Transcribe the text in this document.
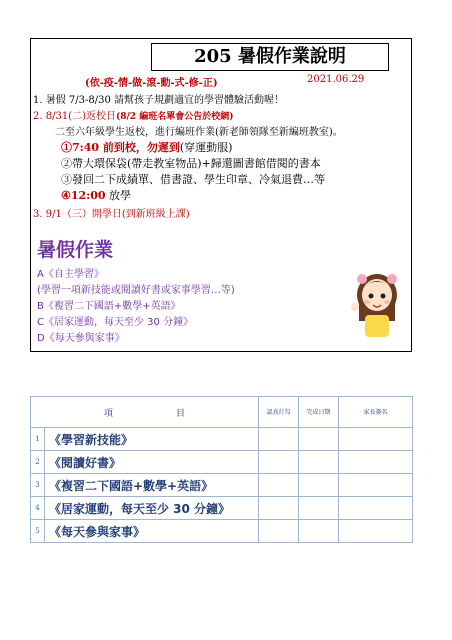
205 暑假作業說明
(依-疫-情-做-滾-動-式-修-正)	2021.06.29
1. 暑假 7/3-8/30 請幫孩子規劃適宜的學習體驗活動喔！
2. 8/31(二)返校日(8/2 編班名單會公告於校網)
二至六年級學生返校，進行編班作業(新老師領隊至新編班教室)。
①7:40 前到校，勿遲到(穿運動服)
②帶大環保袋(帶走教室物品)+歸還圖書館借閱的書本
③發回二下成績單、借書證、學生印章、冷氣退費…等
④12:00 放學
3. 9/1（三）開學日(到新班級上課)
暑假作業
A《自主學習》
(學習一項新技能或閱讀好書或家事學習…等)
B《複習二下國語+數學+英語》
C《居家運動，每天至少 30 分鐘》
D《每天參與家事》
項　　　　　　　目		認真打勾	完成日期	家長簽名

1	《學習新技能》			
2	《閱讀好書》			
3	《複習二下國語+數學+英語》			
4	《居家運動，每天至少 30 分鐘》			
5	《每天參與家事》			
